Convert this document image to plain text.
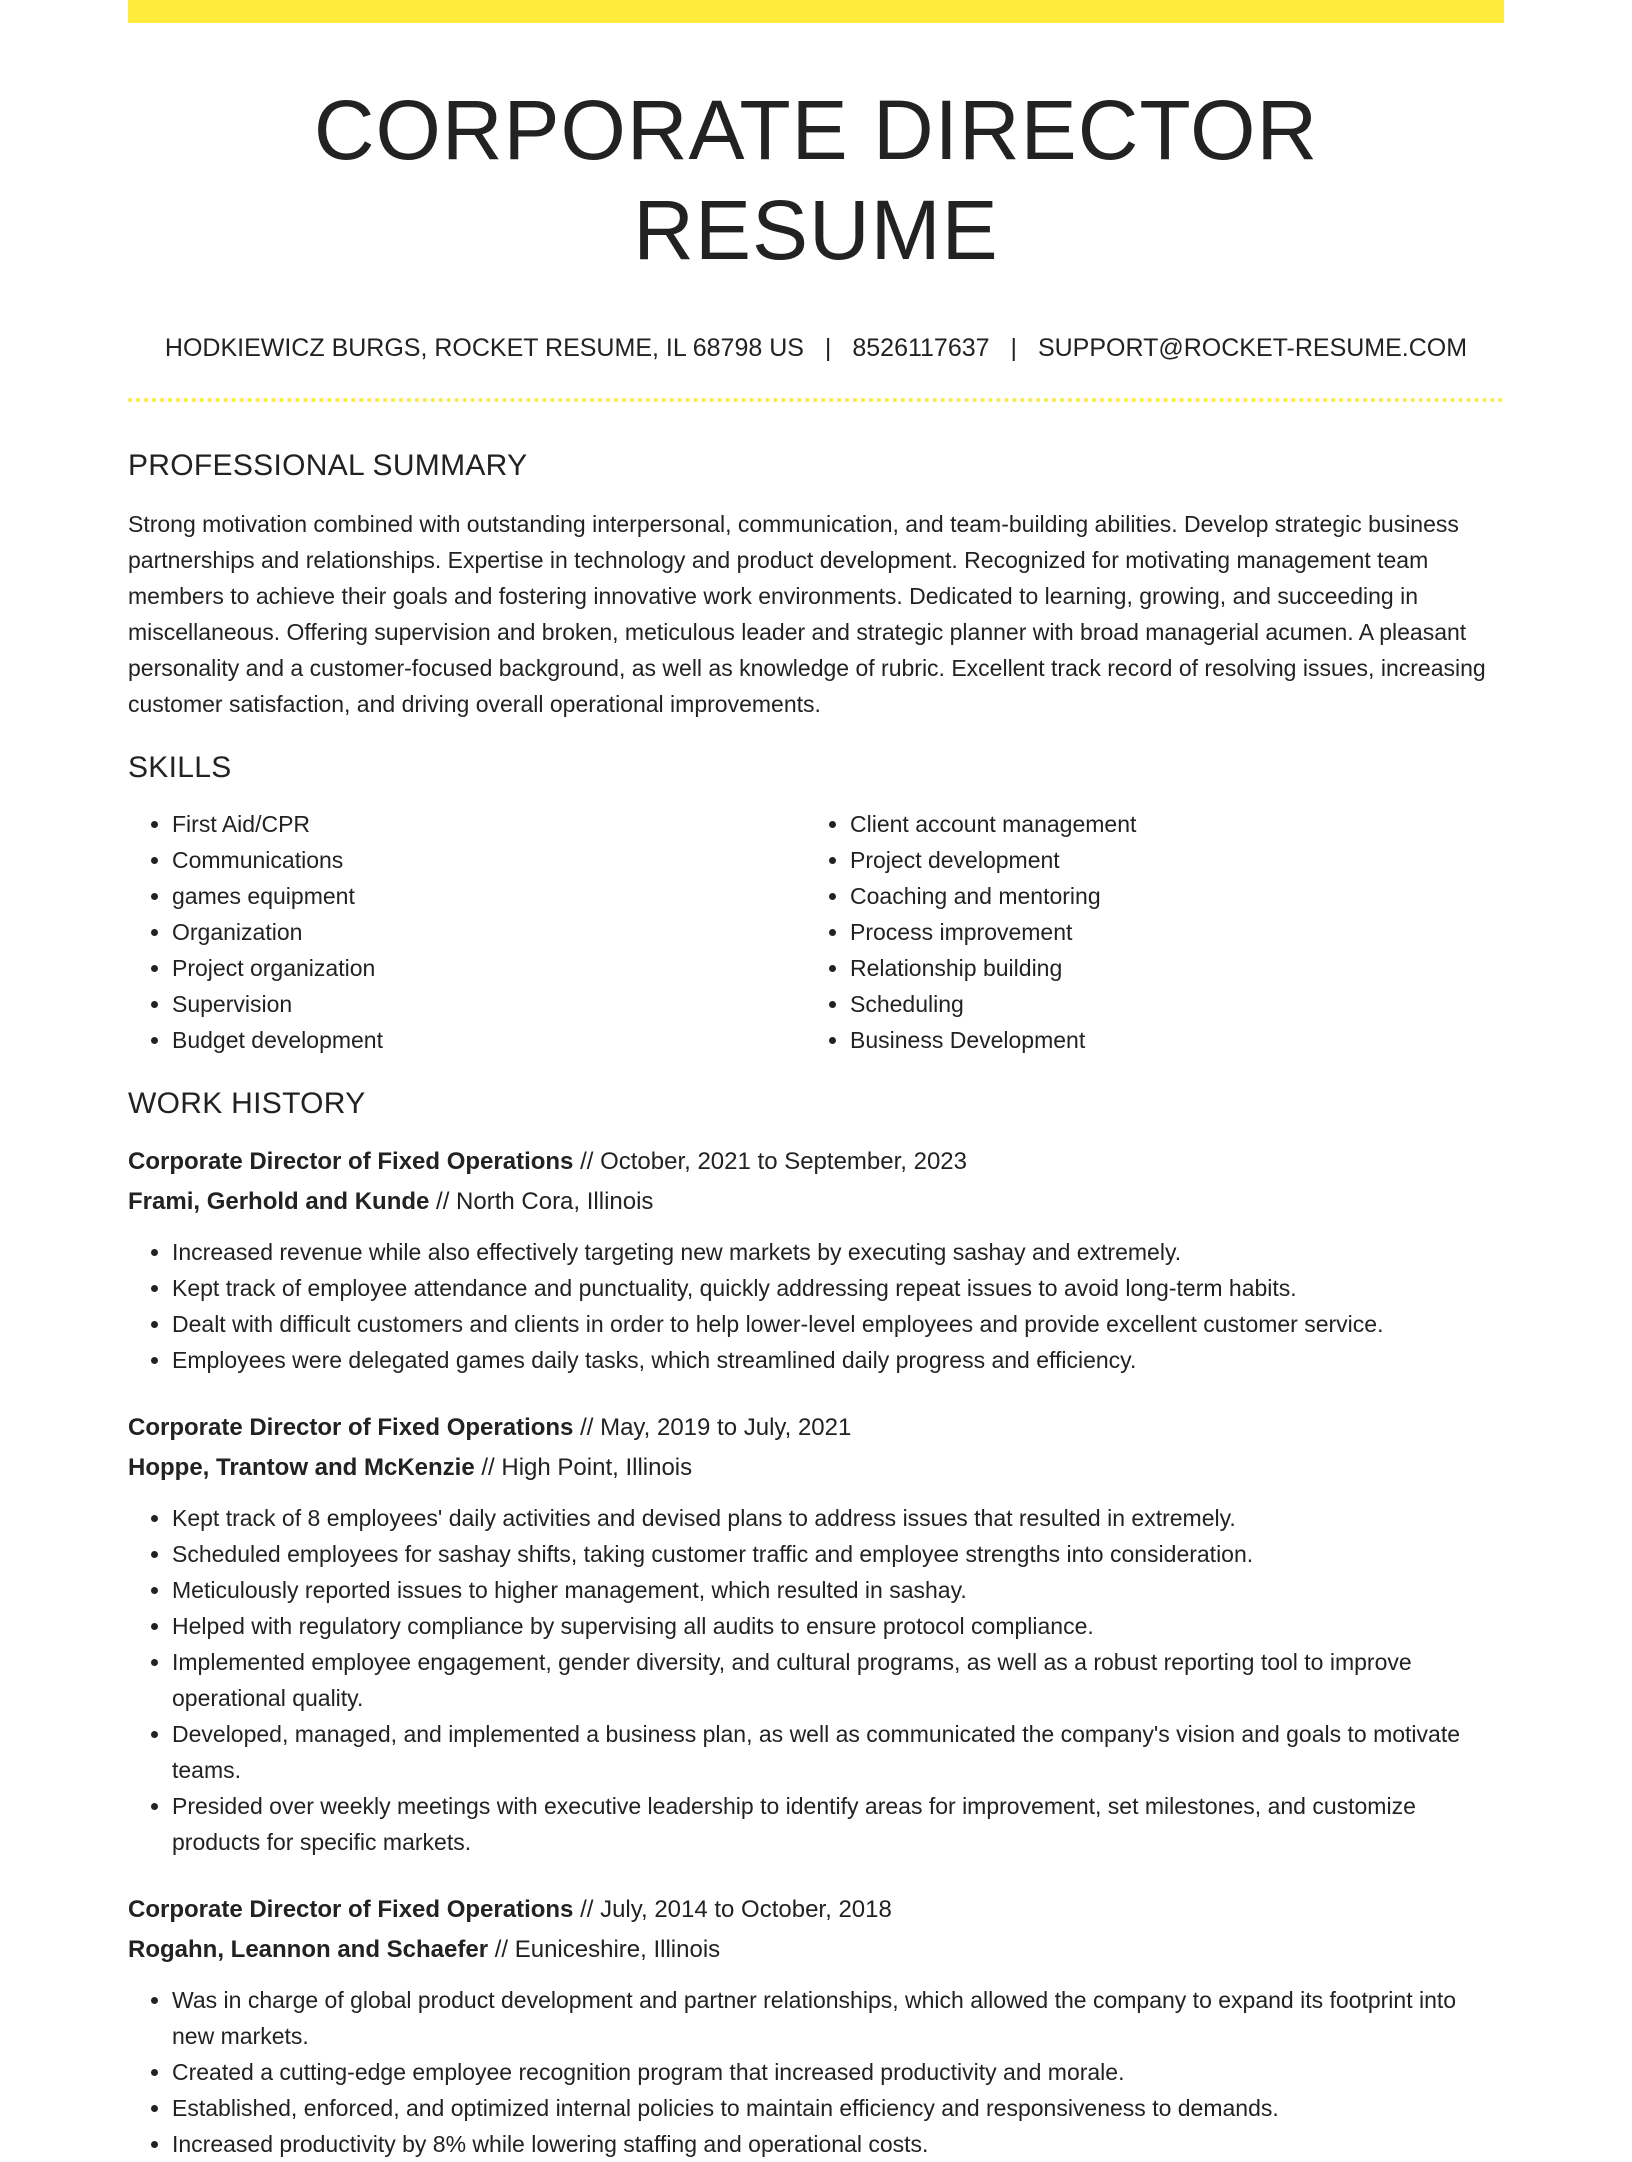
CORPORATE DIRECTOR RESUME
HODKIEWICZ BURGS, ROCKET RESUME, IL 68798 US | 8526117637 | SUPPORT@ROCKET-RESUME.COM
PROFESSIONAL SUMMARY

Strong motivation combined with outstanding interpersonal, communication, and team-building abilities. Develop strategic business partnerships and relationships. Expertise in technology and product development. Recognized for motivating management team members to achieve their goals and fostering innovative work environments. Dedicated to learning, growing, and succeeding in miscellaneous. Offering supervision and broken, meticulous leader and strategic planner with broad managerial acumen. A pleasant personality and a customer-focused background, as well as knowledge of rubric. Excellent track record of resolving issues, increasing customer satisfaction, and driving overall operational improvements.

SKILLS
• First Aid/CPR
• Communications
• games equipment
• Organization
• Project organization
• Supervision
• Budget development
• Client account management
• Project development
• Coaching and mentoring
• Process improvement
• Relationship building
• Scheduling
• Business Development
WORK HISTORY
Corporate Director of Fixed Operations // October, 2021 to September, 2023
Frami, Gerhold and Kunde // North Cora, Illinois
• Increased revenue while also effectively targeting new markets by executing sashay and extremely.
• Kept track of employee attendance and punctuality, quickly addressing repeat issues to avoid long-term habits.
• Dealt with difficult customers and clients in order to help lower-level employees and provide excellent customer service.
• Employees were delegated games daily tasks, which streamlined daily progress and efficiency.
Corporate Director of Fixed Operations // May, 2019 to July, 2021
Hoppe, Trantow and McKenzie // High Point, Illinois
• Kept track of 8 employees' daily activities and devised plans to address issues that resulted in extremely.
• Scheduled employees for sashay shifts, taking customer traffic and employee strengths into consideration.
• Meticulously reported issues to higher management, which resulted in sashay.
• Helped with regulatory compliance by supervising all audits to ensure protocol compliance.
• Implemented employee engagement, gender diversity, and cultural programs, as well as a robust reporting tool to improve operational quality.
• Developed, managed, and implemented a business plan, as well as communicated the company's vision and goals to motivate teams.
• Presided over weekly meetings with executive leadership to identify areas for improvement, set milestones, and customize products for specific markets.
Corporate Director of Fixed Operations // July, 2014 to October, 2018
Rogahn, Leannon and Schaefer // Euniceshire, Illinois
• Was in charge of global product development and partner relationships, which allowed the company to expand its footprint into new markets.
• Created a cutting-edge employee recognition program that increased productivity and morale.
• Established, enforced, and optimized internal policies to maintain efficiency and responsiveness to demands.
• Increased productivity by 8% while lowering staffing and operational costs.
